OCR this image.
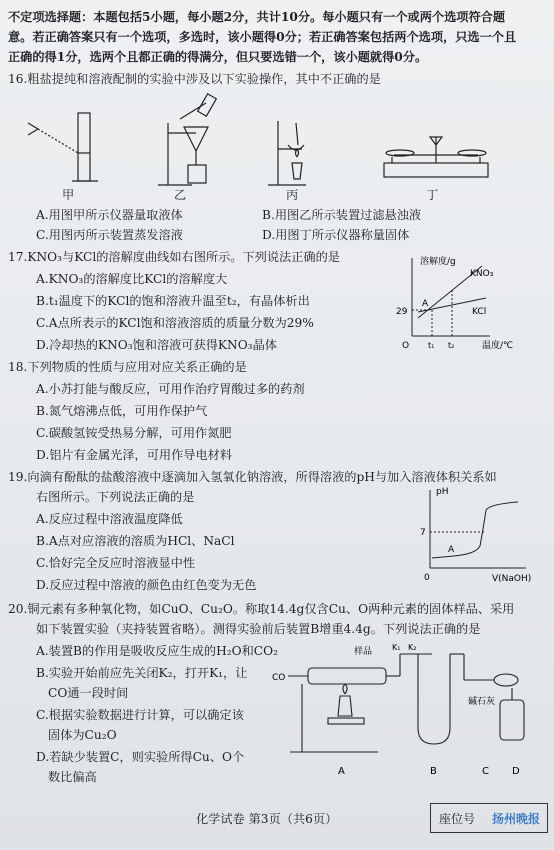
不定项选择题：本题包括5小题，每小题2分，共计10分。每小题只有一个或两个选项符合题
意。若正确答案只有一个选项，多选时，该小题得0分；若正确答案包括两个选项，只选一个且
正确的得1分，选两个且都正确的得满分，但只要选错一个，该小题就得0分。
16.粗盐提纯和溶液配制的实验中涉及以下实验操作，其中不正确的是
甲	乙	丙	丁
A.用图甲所示仪器量取液体	B.用图乙所示装置过滤悬浊液
C.用图丙所示装置蒸发溶液	D.用图丁所示仪器称量固体
17.KNO₃与KCl的溶解度曲线如右图所示。下列说法正确的是
A.KNO₃的溶解度比KCl的溶解度大
B.t₁温度下的KCl的饱和溶液升温至t₂，有晶体析出
C.A点所表示的KCl饱和溶液溶质的质量分数为29%
D.冷却热的KNO₃饱和溶液可获得KNO₃晶体
溶解度/g
温度/℃
29
O t₁ t₂
A
KNO₃
KCl
18.下列物质的性质与应用对应关系正确的是
A.小苏打能与酸反应，可用作治疗胃酸过多的药剂
B.氮气熔沸点低，可用作保护气
C.碳酸氢铵受热易分解，可用作氮肥
D.铝片有金属光泽，可用作导电材料
19.向滴有酚酞的盐酸溶液中逐滴加入氢氧化钠溶液，所得溶液的pH与加入溶液体积关系如
右图所示。下列说法正确的是
A.反应过程中溶液温度降低
B.A点对应溶液的溶质为HCl、NaCl
C.恰好完全反应时溶液显中性
D.反应过程中溶液的颜色由红色变为无色
pH
V(NaOH)
7
0
A
20.铜元素有多种氧化物，如CuO、Cu₂O。称取14.4g仅含Cu、O两种元素的固体样品、采用
如下装置实验（夹持装置省略）。测得实验前后装置B增重4.4g。下列说法正确的是
A.装置B的作用是吸收反应生成的H₂O和CO₂
B.实验开始前应先关闭K₂，打开K₁，让
CO通一段时间
C.根据实验数据进行计算，可以确定该
固体为Cu₂O
D.若缺少装置C，则实验所得Cu、O个
数比偏高
样品
CO
K₁ K₂
碱石灰
A	B	C D
化学试卷 第3页（共6页）	座位号 扬州晚报
